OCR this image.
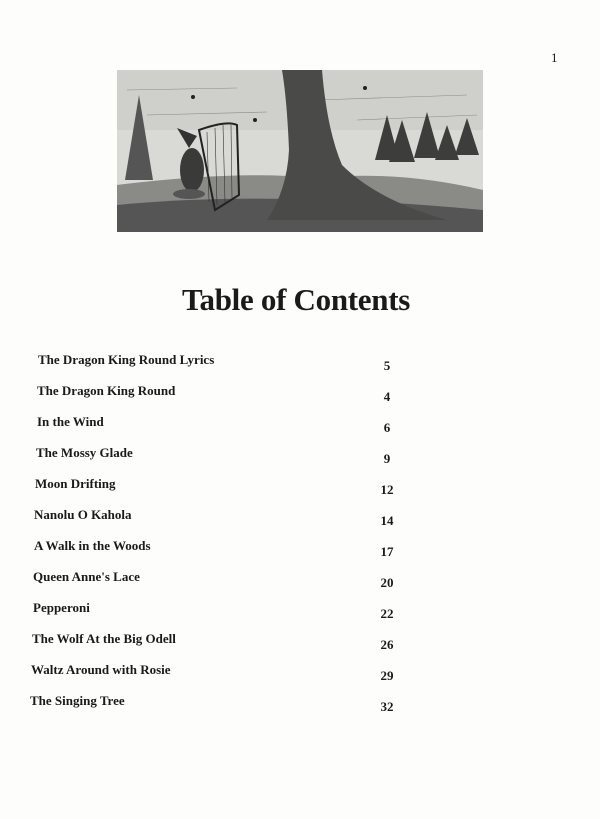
1
Table of Contents
The Dragon King Round Lyrics	5
The Dragon King Round	4
In the Wind	6
The Mossy Glade	9
Moon Drifting	12
Nanolu O Kahola	14
A Walk in the Woods	17
Queen Anne's Lace	20
Pepperoni	22
The Wolf At the Big Odell	26
Waltz Around with Rosie	29
The Singing Tree	32
